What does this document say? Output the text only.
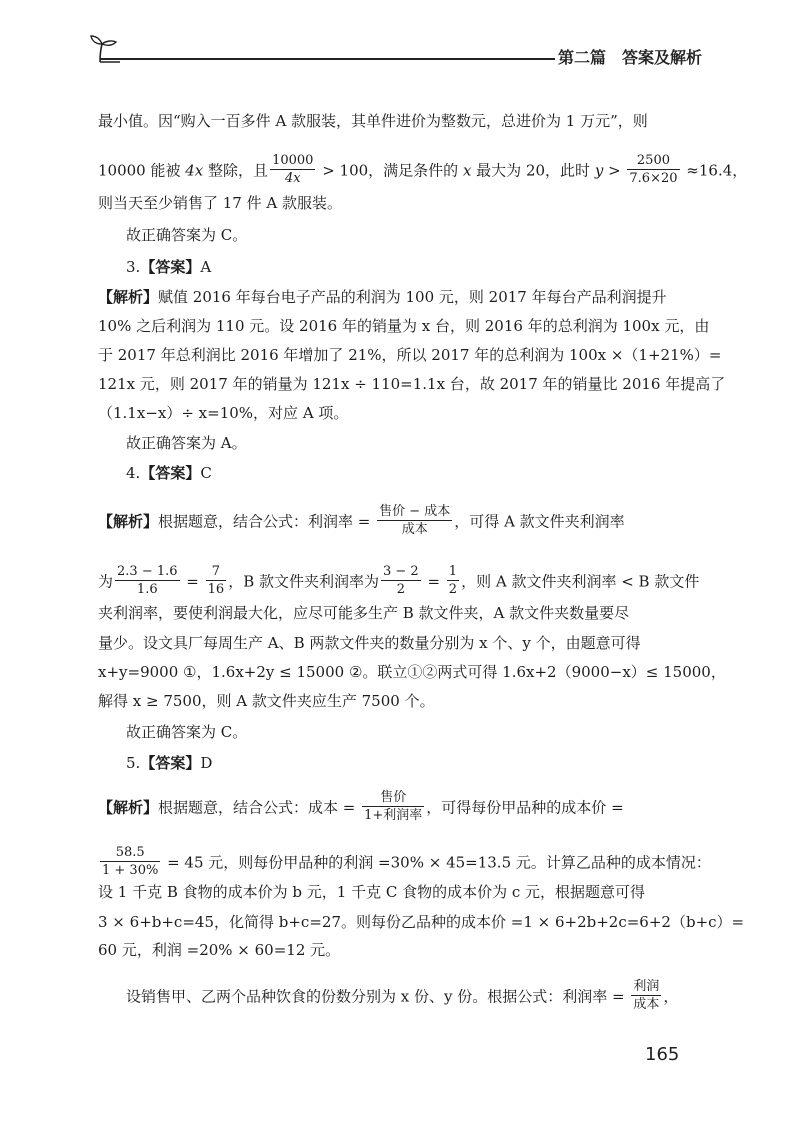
第二篇　答案及解析
最小值。因“购入一百多件 A 款服装，其单件进价为整数元，总进价为 1 万元”，则
10000 能被 4x 整除，且 $\frac{10000}{4x} > 100$，满足条件的 x 最大为 20，此时 $y > \frac{2500}{7.6\times 20} \approx 16.4$，
则当天至少销售了 17 件 A 款服装。
故正确答案为 C。
3.【答案】A
【解析】赋值 2016 年每台电子产品的利润为 100 元，则 2017 年每台产品利润提升
10% 之后利润为 110 元。设 2016 年的销量为 x 台，则 2016 年的总利润为 100x 元，由
于 2017 年总利润比 2016 年增加了 21%，所以 2017 年的总利润为 100x ×（1+21%）=
121x 元，则 2017 年的销量为 121x ÷ 110=1.1x 台，故 2017 年的销量比 2016 年提高了
（1.1x−x）÷ x=10%，对应 A 项。
故正确答案为 A。
4.【答案】C
【解析】根据题意，结合公式：利润率 = $\frac{\text{售价 − 成本}}{\text{成本}}$ ，可得 A 款文件夹利润率
为 $\frac{2.3 - 1.6}{1.6} = \frac{7}{16}$ ，B 款文件夹利润率为 $\frac{3 - 2}{2} = \frac{1}{2}$ ，则 A 款文件夹利润率 < B 款文件
夹利润率，要使利润最大化，应尽可能多生产 B 款文件夹，A 款文件夹数量要尽
量少。设文具厂每周生产 A、B 两款文件夹的数量分别为 x 个、y 个，由题意可得
x+y=9000 ①，1.6x+2y ≤ 15000 ②。联立①②两式可得 1.6x+2（9000−x）≤ 15000，
解得 x ≥ 7500，则 A 款文件夹应生产 7500 个。
故正确答案为 C。
5.【答案】D
【解析】根据题意，结合公式：成本 = $\frac{\text{售价}}{\text{1+利润率}}$ ，可得每份甲品种的成本价 =
$\frac{58.5}{1 + 30\%} = 45$ 元，则每份甲品种的利润 =30% × 45=13.5 元。计算乙品种的成本情况：
设 1 千克 B 食物的成本价为 b 元，1 千克 C 食物的成本价为 c 元，根据题意可得
3 × 6+b+c=45，化简得 b+c=27。则每份乙品种的成本价 =1 × 6+2b+2c=6+2（b+c）=
60 元，利润 =20% × 60=12 元。
设销售甲、乙两个品种饮食的份数分别为 x 份、y 份。根据公式：利润率 = $\frac{\text{利润}}{\text{成本}}$ ，
165
